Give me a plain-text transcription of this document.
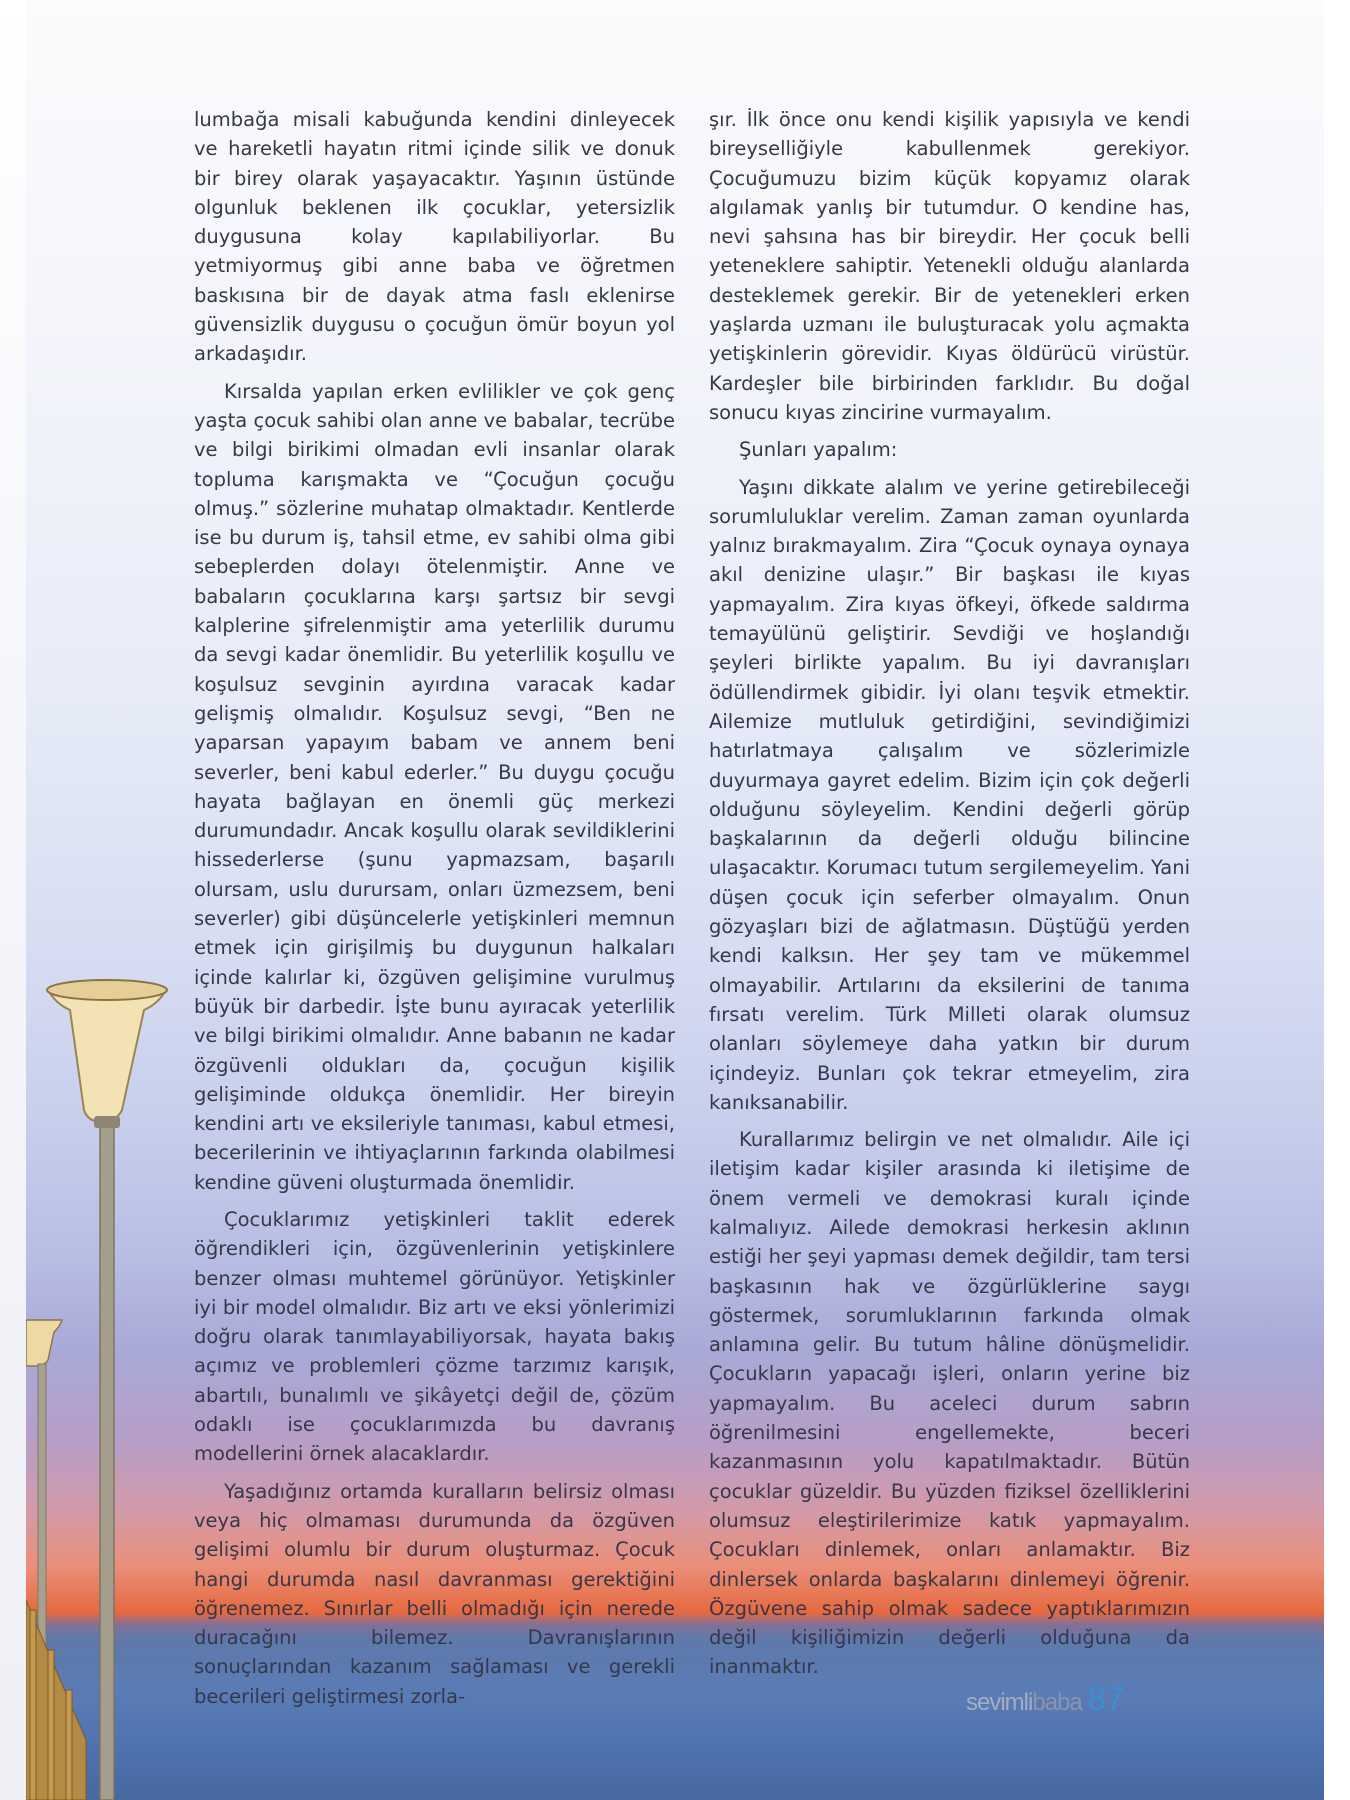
lumbağa misali kabuğunda kendini dinleyecek ve hareketli hayatın ritmi içinde silik ve donuk bir birey olarak yaşayacaktır. Yaşının üstünde olgunluk beklenen ilk çocuklar, yetersizlik duygusuna kolay kapılabiliyorlar. Bu yetmiyormuş gibi anne baba ve öğretmen baskısına bir de dayak atma faslı eklenirse güvensizlik duygusu o çocuğun ömür boyun yol arkadaşıdır.

Kırsalda yapılan erken evlilikler ve çok genç yaşta çocuk sahibi olan anne ve babalar, tecrübe ve bilgi birikimi olmadan evli insanlar olarak topluma karışmakta ve “Çocuğun çocuğu olmuş.” sözlerine muhatap olmaktadır. Kentlerde ise bu durum iş, tahsil etme, ev sahibi olma gibi sebeplerden dolayı ötelenmiştir. Anne ve babaların çocuklarına karşı şartsız bir sevgi kalplerine şifrelenmiştir ama yeterlilik durumu da sevgi kadar önemlidir. Bu yeterlilik koşullu ve koşulsuz sevginin ayırdına varacak kadar gelişmiş olmalıdır. Koşulsuz sevgi, “Ben ne yaparsan yapayım babam ve annem beni severler, beni kabul ederler.” Bu duygu çocuğu hayata bağlayan en önemli güç merkezi durumundadır. Ancak koşullu olarak sevildiklerini hissederlerse (şunu yapmazsam, başarılı olursam, uslu durursam, onları üzmezsem, beni severler) gibi düşüncelerle yetişkinleri memnun etmek için girişilmiş bu duygunun halkaları içinde kalırlar ki, özgüven gelişimine vurulmuş büyük bir darbedir. İşte bunu ayıracak yeterlilik ve bilgi birikimi olmalıdır. Anne babanın ne kadar özgüvenli oldukları da, çocuğun kişilik gelişiminde oldukça önemlidir. Her bireyin kendini artı ve eksileriyle tanıması, kabul etmesi, becerilerinin ve ihtiyaçlarının farkında olabilmesi kendine güveni oluşturmada önemlidir.

Çocuklarımız yetişkinleri taklit ederek öğrendikleri için, özgüvenlerinin yetişkinlere benzer olması muhtemel görünüyor. Yetişkinler iyi bir model olmalıdır. Biz artı ve eksi yönlerimizi doğru olarak tanımlayabiliyorsak, hayata bakış açımız ve problemleri çözme tarzımız karışık, abartılı, bunalımlı ve şikâyetçi değil de, çözüm odaklı ise çocuklarımızda bu davranış modellerini örnek alacaklardır.

Yaşadığınız ortamda kuralların belirsiz olması veya hiç olmaması durumunda da özgüven gelişimi olumlu bir durum oluşturmaz. Çocuk hangi durumda nasıl davranması gerektiğini öğrenemez. Sınırlar belli olmadığı için nerede duracağını bilemez. Davranışlarının sonuçlarından kazanım sağlaması ve gerekli becerileri geliştirmesi zorla-

şır. İlk önce onu kendi kişilik yapısıyla ve kendi bireyselliğiyle kabullenmek gerekiyor. Çocuğumuzu bizim küçük kopyamız olarak algılamak yanlış bir tutumdur. O kendine has, nevi şahsına has bir bireydir. Her çocuk belli yeteneklere sahiptir. Yetenekli olduğu alanlarda desteklemek gerekir. Bir de yetenekleri erken yaşlarda uzmanı ile buluşturacak yolu açmakta yetişkinlerin görevidir. Kıyas öldürücü virüstür. Kardeşler bile birbirinden farklıdır. Bu doğal sonucu kıyas zincirine vurmayalım.

Şunları yapalım:

Yaşını dikkate alalım ve yerine getirebileceği sorumluluklar verelim. Zaman zaman oyunlarda yalnız bırakmayalım. Zira “Çocuk oynaya oynaya akıl denizine ulaşır.” Bir başkası ile kıyas yapmayalım. Zira kıyas öfkeyi, öfkede saldırma temayülünü geliştirir. Sevdiği ve hoşlandığı şeyleri birlikte yapalım. Bu iyi davranışları ödüllendirmek gibidir. İyi olanı teşvik etmektir. Ailemize mutluluk getirdiğini, sevindiğimizi hatırlatmaya çalışalım ve sözlerimizle duyurmaya gayret edelim. Bizim için çok değerli olduğunu söyleyelim. Kendini değerli görüp başkalarının da değerli olduğu bilincine ulaşacaktır. Korumacı tutum sergilemeyelim. Yani düşen çocuk için seferber olmayalım. Onun gözyaşları bizi de ağlatmasın. Düştüğü yerden kendi kalksın. Her şey tam ve mükemmel olmayabilir. Artılarını da eksilerini de tanıma fırsatı verelim. Türk Milleti olarak olumsuz olanları söylemeye daha yatkın bir durum içindeyiz. Bunları çok tekrar etmeyelim, zira kanıksanabilir.

Kurallarımız belirgin ve net olmalıdır. Aile içi iletişim kadar kişiler arasında ki iletişime de önem vermeli ve demokrasi kuralı içinde kalmalıyız. Ailede demokrasi herkesin aklının estiği her şeyi yapması demek değildir, tam tersi başkasının hak ve özgürlüklerine saygı göstermek, sorumluklarının farkında olmak anlamına gelir. Bu tutum hâline dönüşmelidir. Çocukların yapacağı işleri, onların yerine biz yapmayalım. Bu aceleci durum sabrın öğrenilmesini engellemekte, beceri kazanmasının yolu kapatılmaktadır. Bütün çocuklar güzeldir. Bu yüzden fiziksel özelliklerini olumsuz eleştirilerimize katık yapmayalım. Çocukları dinlemek, onları anlamaktır. Biz dinlersek onlarda başkalarını dinlemeyi öğrenir. Özgüvene sahip olmak sadece yaptıklarımızın değil kişiliğimizin değerli olduğuna da inanmaktır.

sevimlibaba 87
